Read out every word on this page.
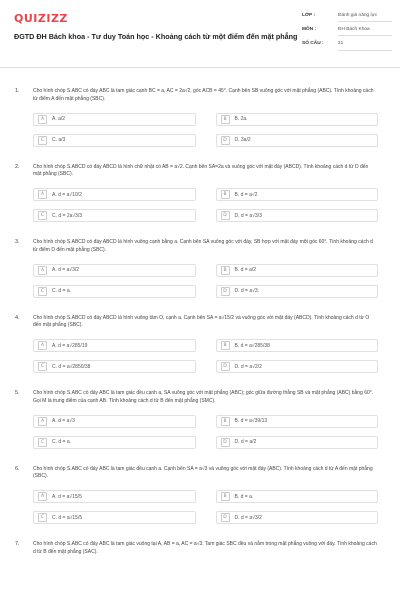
QUIZIZZ
ĐGTD ĐH Bách khoa - Tư duy Toán học - Khoảng cách từ một điểm đến mặt phẳng
LỚP :	Đánh giá năng lực
MÔN :	ĐH Bách Khoa
SỐ CÂU :	21
1.	Cho hình chóp S.ABC có đáy ABC là tam giác cạnh BC = a, AC = 2a√2, góc ACB = 45°. Cạnh bên SB vuông góc với mặt phẳng (ABC). Tính khoảng cách từ điểm A đến mặt phẳng (SBC).
A	A. a/2	B	B. 2a.
C	C. a/3	D	D. 3a/2
2.	Cho hình chóp S.ABCD có đáy ABCD là hình chữ nhật có AB = a√2. Cạnh bên SA=2a và vuông góc với mặt đáy (ABCD). Tính khoảng cách d từ D đến mặt phẳng (SBC).
A	A. d = a√10/2	B	B. d = a√2
C	C. d = 2a√3/3	D	D. d = a√3/3
3.	Cho hình chóp S.ABCD có đáy ABCD là hình vuông cạnh bằng a. Cạnh bên SA vuông góc với đáy, SB hợp với mặt đáy một góc 60°. Tính khoảng cách d từ điểm D đến mặt phẳng (SBC).
A	A. d = a√3/2	B	B. d = a/2
C	C. d = a.	D	D. d = a√3.
4.	Cho hình chóp S.ABCD có đáy ABCD là hình vuông tâm O, cạnh a. Cạnh bên SA = a√15/2 và vuông góc với mặt đáy (ABCD). Tính khoảng cách d từ O đến mặt phẳng (SBC).
A	A. d = a√285/19	B	B. d = a√285/38
C	C. d = a√2850/38	D	D. d = a√2/2
5.	Cho hình chóp S.ABC có đáy ABC là tam giác đều cạnh a, SA vuông góc với mặt phẳng (ABC); góc giữa đường thẳng SB và mặt phẳng (ABC) bằng 60°. Gọi M là trung điểm của cạnh AB. Tính khoảng cách d từ B đến mặt phẳng (SMC).
A	A. d = a√3	B	B. d = a√39/13
C	C. d = a.	D	D. d = a/2
6.	Cho hình chóp S.ABC có đáy ABC là tam giác đều cạnh a. Cạnh bên SA = a√3 và vuông góc với mặt đáy (ABC). Tính khoảng cách d từ A đến mặt phẳng (SBC).
A	A. d = a√15/5	B	B. d = a.
C	C. d = a√15/5	D	D. d = a√3/2
7.	Cho hình chóp S.ABC có đáy ABC là tam giác vuông tại A, AB = a, AC = a√3. Tam giác SBC đều và nằm trong mặt phẳng vuông với đáy. Tính khoảng cách d từ B đến mặt phẳng (SAC).
